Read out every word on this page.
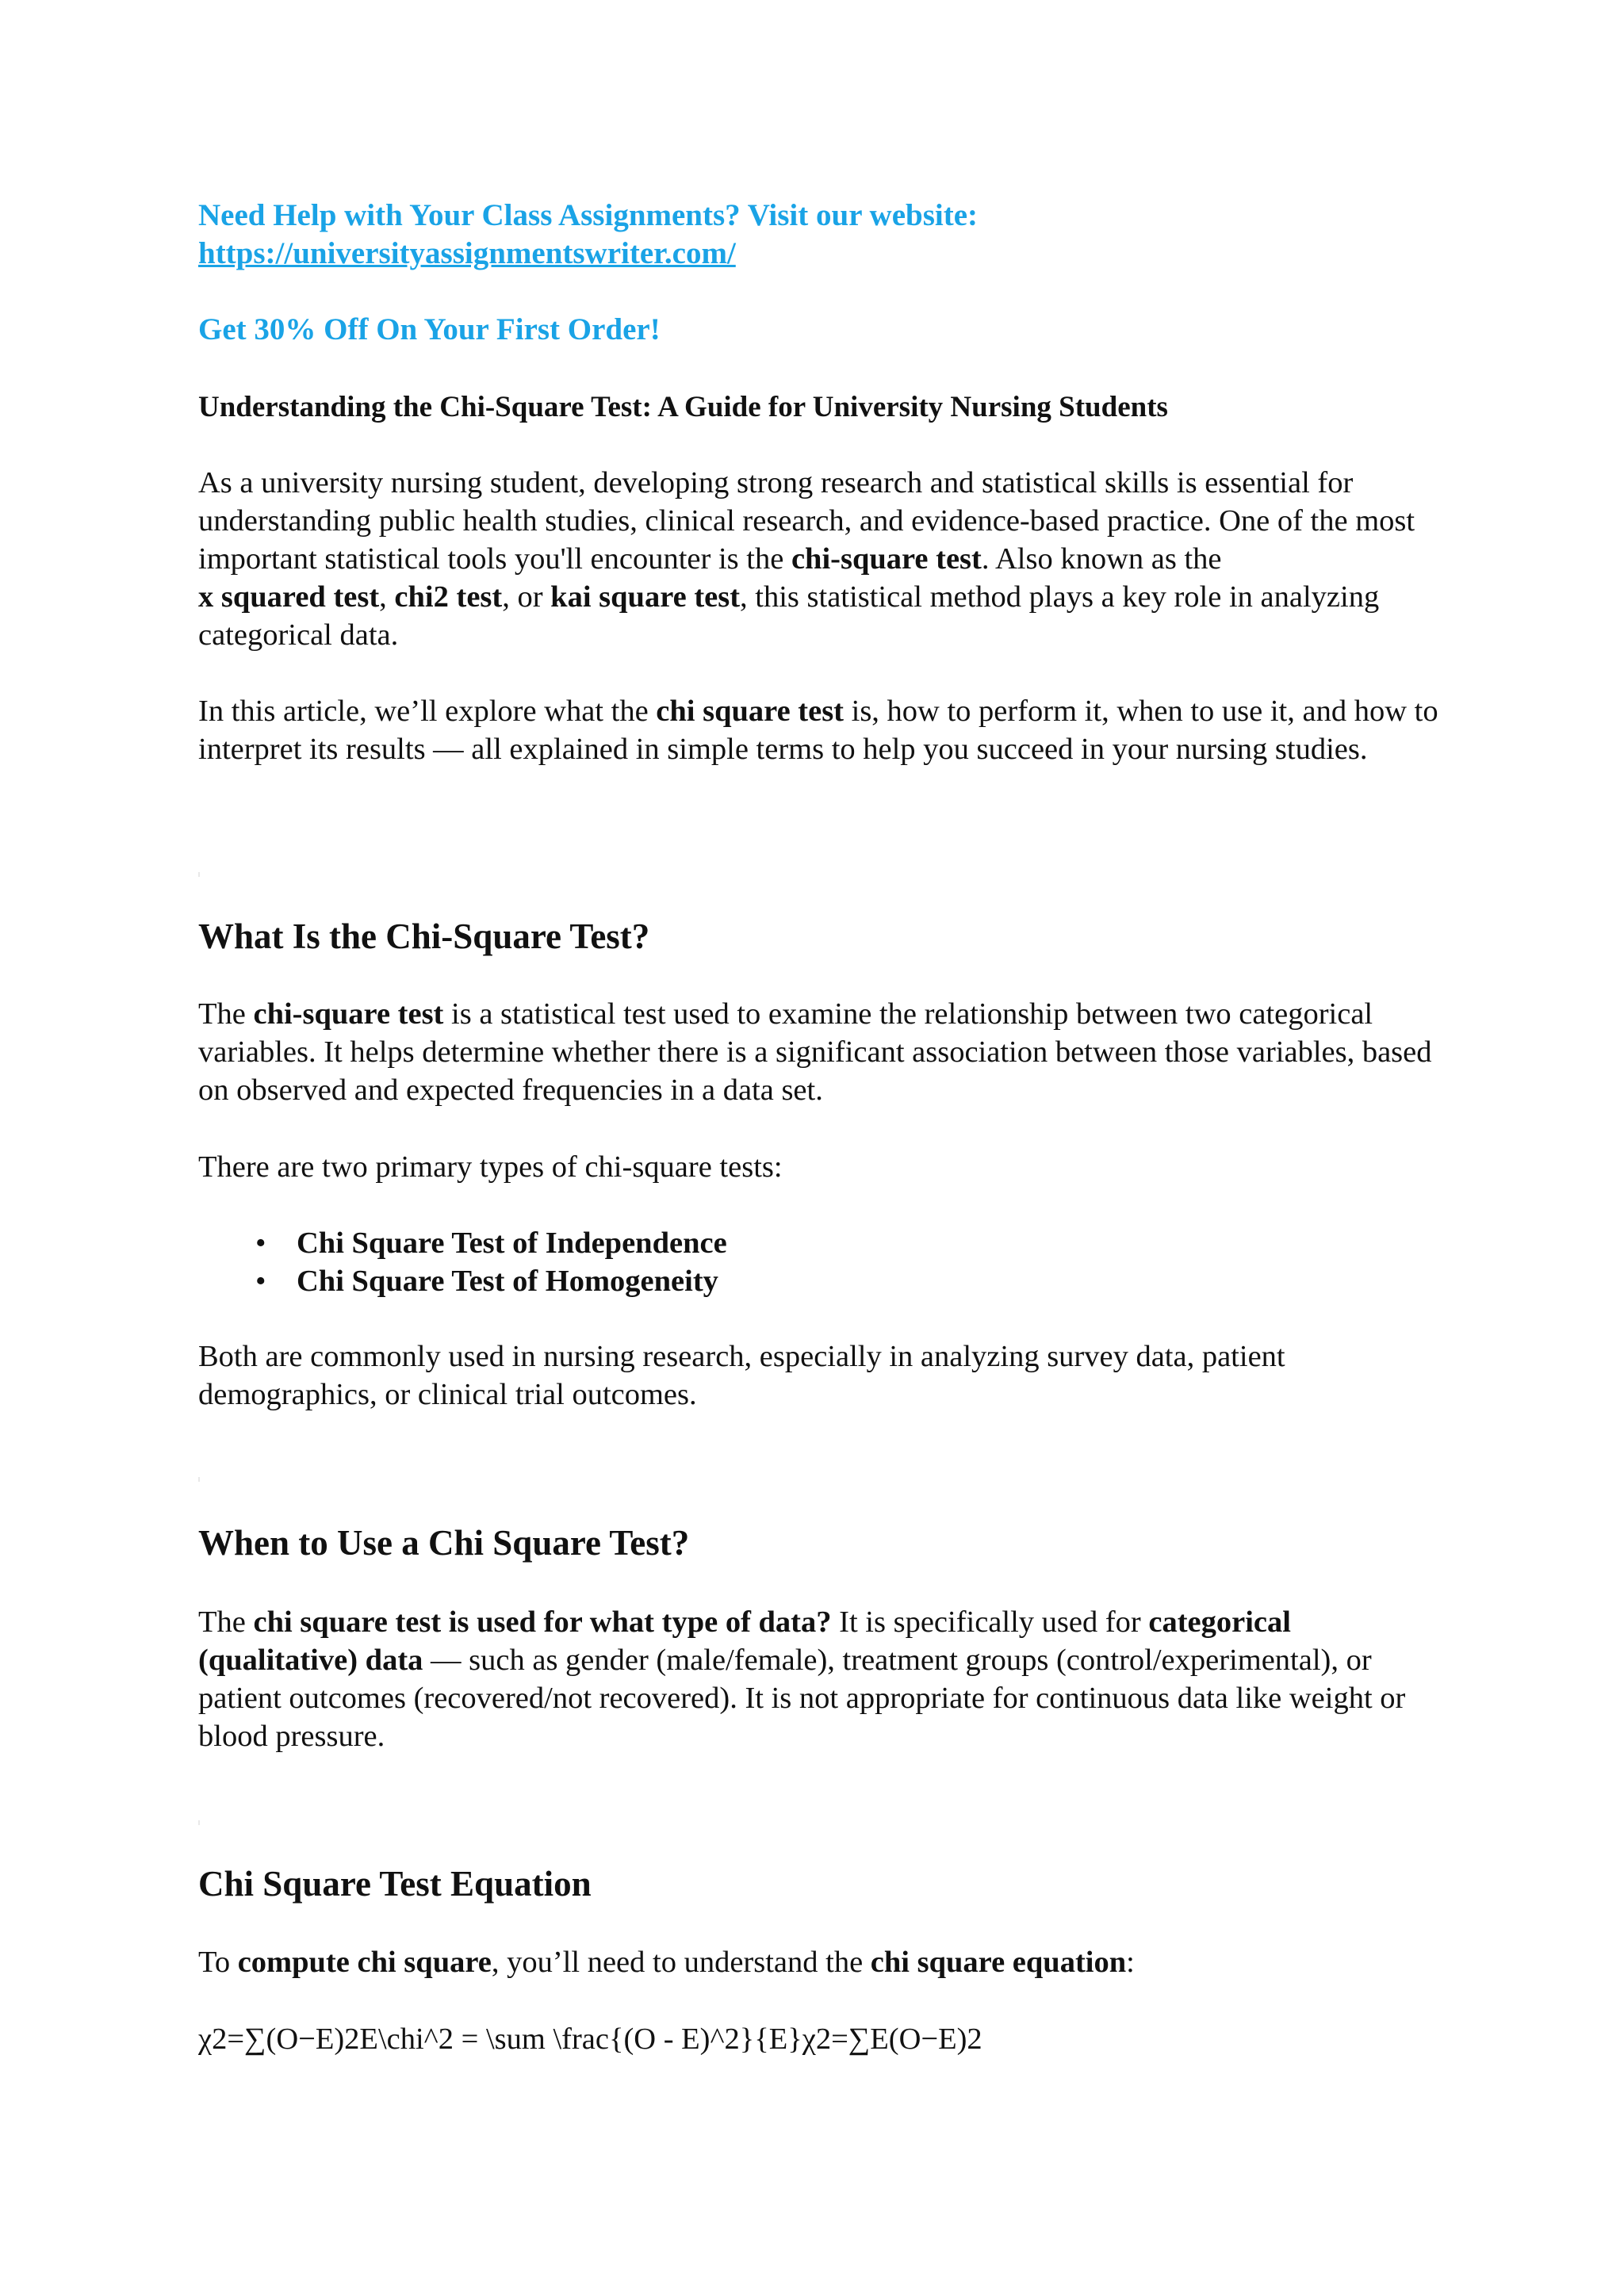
Need Help with Your Class Assignments? Visit our website:

https://universityassignmentswriter.com/

Get 30% Off On Your First Order!

Understanding the Chi-Square Test: A Guide for University Nursing Students

As a university nursing student, developing strong research and statistical skills is essential for understanding public health studies, clinical research, and evidence-based practice. One of the most important statistical tools you'll encounter is the chi-square test. Also known as the
x squared test, chi2 test, or kai square test, this statistical method plays a key role in analyzing categorical data.

In this article, we’ll explore what the chi square test is, how to perform it, when to use it, and how to interpret its results — all explained in simple terms to help you succeed in your nursing studies.

What Is the Chi-Square Test?

The chi-square test is a statistical test used to examine the relationship between two categorical variables. It helps determine whether there is a significant association between those variables, based on observed and expected frequencies in a data set.

There are two primary types of chi-square tests:

• Chi Square Test of Independence
• Chi Square Test of Homogeneity

Both are commonly used in nursing research, especially in analyzing survey data, patient demographics, or clinical trial outcomes.

When to Use a Chi Square Test?

The chi square test is used for what type of data? It is specifically used for categorical (qualitative) data — such as gender (male/female), treatment groups (control/experimental), or patient outcomes (recovered/not recovered). It is not appropriate for continuous data like weight or blood pressure.

Chi Square Test Equation

To compute chi square, you’ll need to understand the chi square equation:

χ2=∑(O−E)2E\chi^2 = \sum \frac{(O - E)^2}{E}χ2=∑E(O−E)2
